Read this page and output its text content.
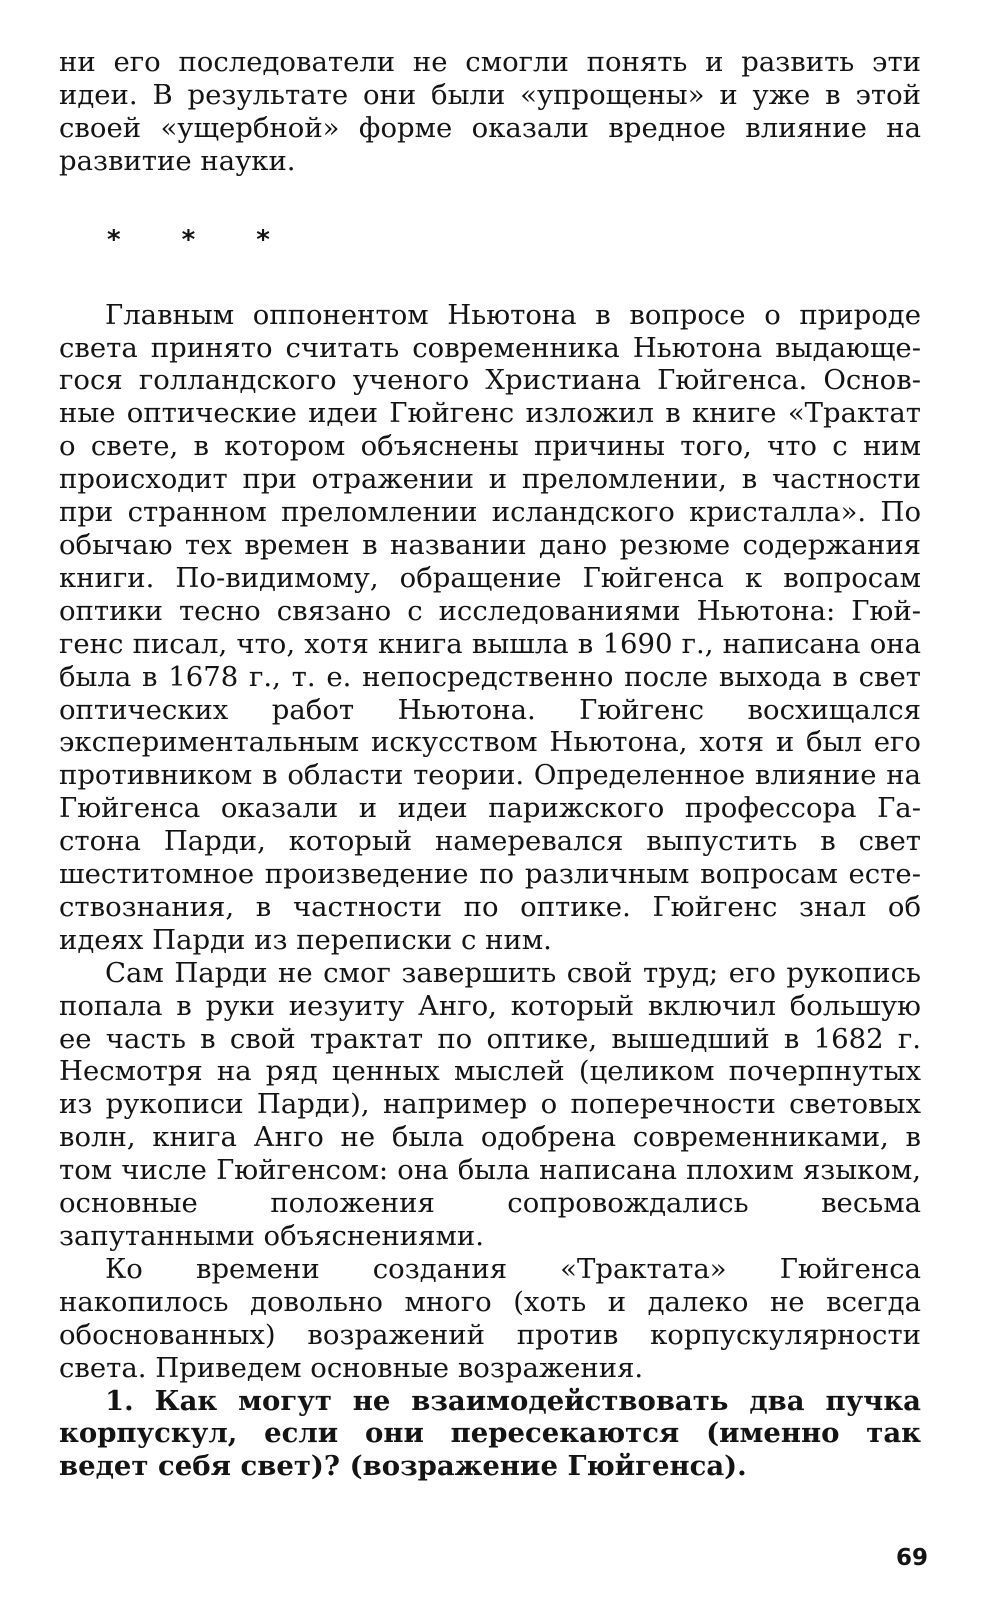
ни его последователи не смогли понять и развить эти идеи. В результате они были «упрощены» и уже в этой своей «ущербной» форме оказали вредное влияние на развитие науки.

* * *

Главным оппонентом Ньютона в вопросе о природе света принято считать современника Ньютона выдающегося голландского ученого Христиана Гюйгенса. Основные оптические идеи Гюйгенс изложил в книге «Трактат о свете, в котором объяснены причины того, что с ним происходит при отражении и преломлении, в частности при странном преломлении исландского кристалла». По обычаю тех времен в названии дано резюме содержания книги. По-видимому, обращение Гюйгенса к вопросам оптики тесно связано с исследованиями Ньютона: Гюйгенс писал, что, хотя книга вышла в 1690 г., написана она была в 1678 г., т. е. непосредственно после выхода в свет оптических работ Ньютона. Гюйгенс восхищался экспериментальным искусством Ньютона, хотя и был его противником в области теории. Определенное влияние на Гюйгенса оказали и идеи парижского профессора Гастона Парди, который намеревался выпустить в свет шеститомное произведение по различным вопросам естествознания, в частности по оптике. Гюйгенс знал об идеях Парди из переписки с ним.

Сам Парди не смог завершить свой труд; его рукопись попала в руки иезуиту Анго, который включил большую ее часть в свой трактат по оптике, вышедший в 1682 г. Несмотря на ряд ценных мыслей (целиком почерпнутых из рукописи Парди), например о поперечности световых волн, книга Анго не была одобрена современниками, в том числе Гюйгенсом: она была написана плохим языком, основные положения сопровождались весьма запутанными объяснениями.

Ко времени создания «Трактата» Гюйгенса накопилось довольно много (хоть и далеко не всегда обоснованных) возражений против корпускулярности света. Приведем основные возражения.

1. Как могут не взаимодействовать два пучка корпускул, если они пересекаются (именно так ведет себя свет)? (возражение Гюйгенса).

69
